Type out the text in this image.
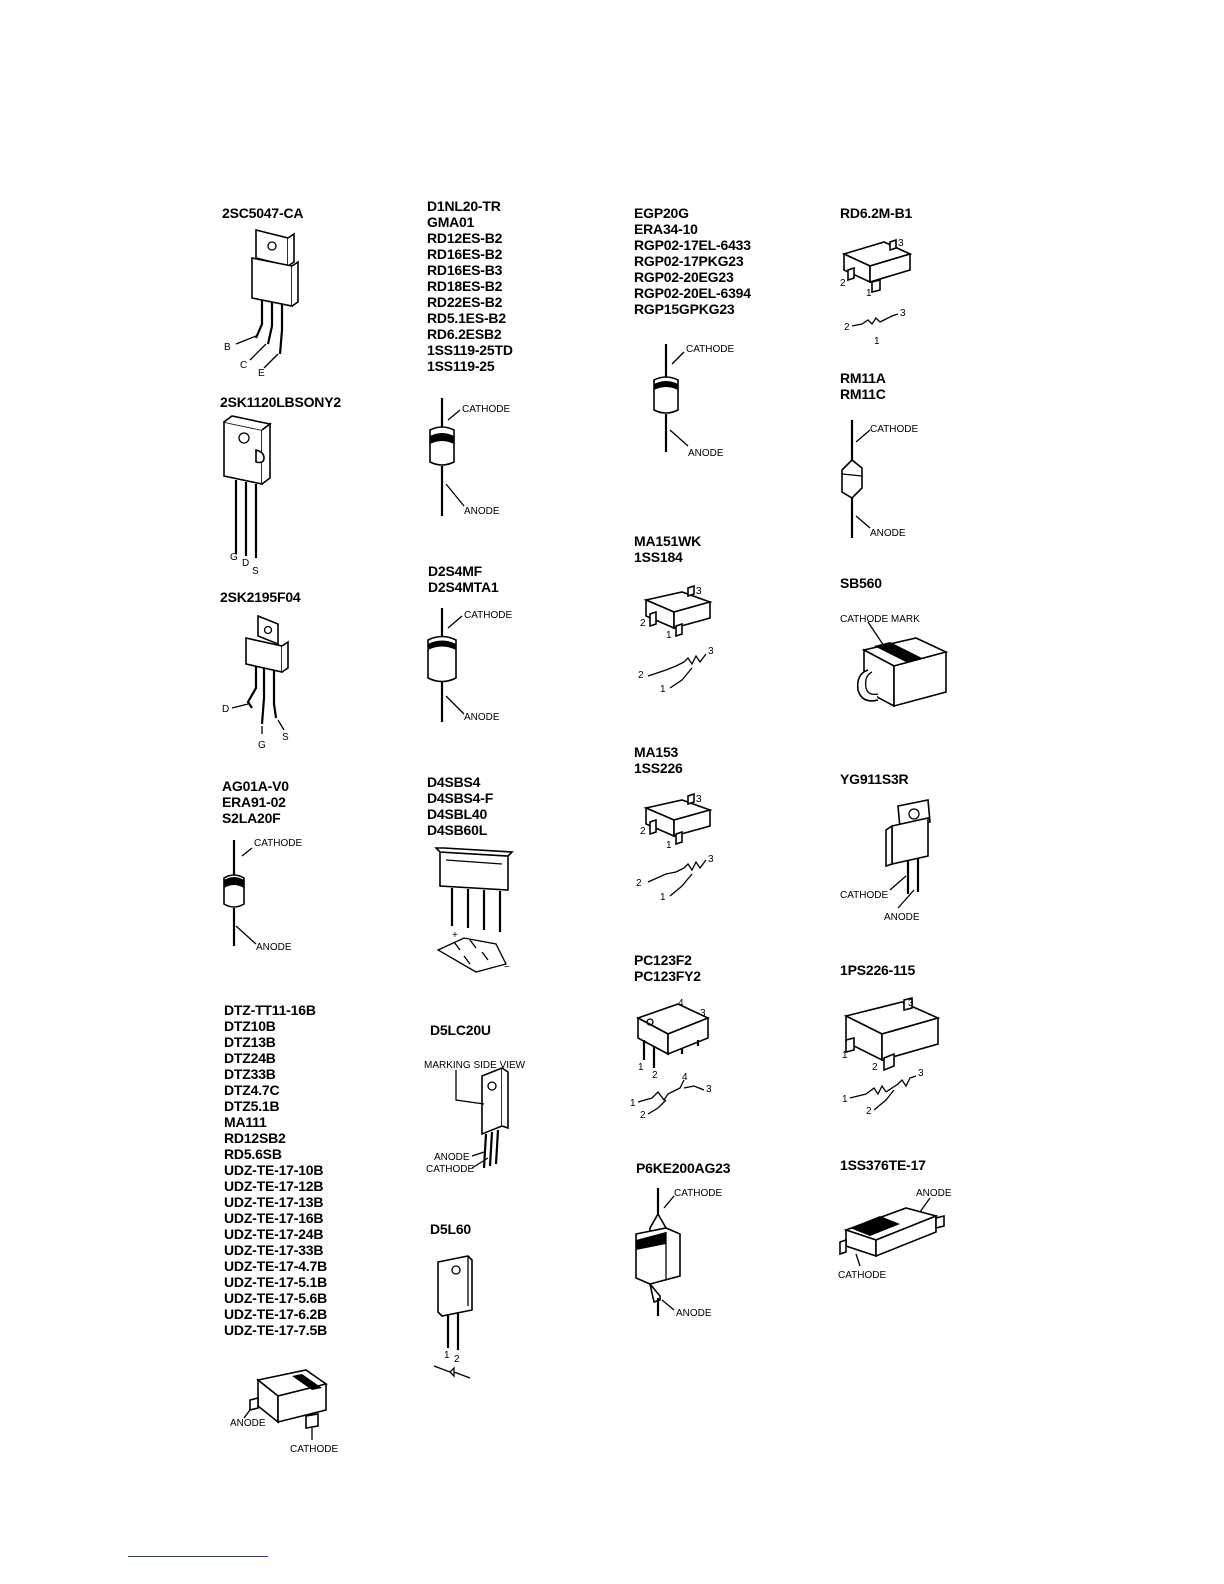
2SC5047-CA
B
C
E
2SK1120LBSONY2
G
D
S
2SK2195F04
D
G
S
AG01A-V0
ERA91-02
S2LA20F
CATHODE
ANODE
DTZ-TT11-16B
DTZ10B
DTZ13B
DTZ24B
DTZ33B
DTZ4.7C
DTZ5.1B
MA111
RD12SB2
RD5.6SB
UDZ-TE-17-10B
UDZ-TE-17-12B
UDZ-TE-17-13B
UDZ-TE-17-16B
UDZ-TE-17-24B
UDZ-TE-17-33B
UDZ-TE-17-4.7B
UDZ-TE-17-5.1B
UDZ-TE-17-5.6B
UDZ-TE-17-6.2B
UDZ-TE-17-7.5B
ANODE
CATHODE
D1NL20-TR
GMA01
RD12ES-B2
RD16ES-B2
RD16ES-B3
RD18ES-B2
RD22ES-B2
RD5.1ES-B2
RD6.2ESB2
1SS119-25TD
1SS119-25
CATHODE
ANODE
D2S4MF
D2S4MTA1
CATHODE
ANODE
D4SBS4
D4SBS4-F
D4SBL40
D4SB60L
+
−
D5LC20U
MARKING SIDE VIEW
ANODE
CATHODE
D5L60
1 2
EGP20G
ERA34-10
RGP02-17EL-6433
RGP02-17PKG23
RGP02-20EG23
RGP02-20EL-6394
RGP15GPKG23
CATHODE
ANODE
MA151WK
1SS184
3
2
1
2
1
3
MA153
1SS226
3
2
1
2
1
3
PC123F2
PC123FY2
4
3
1
2
1
2
4
3
P6KE200AG23
CATHODE
ANODE
RD6.2M-B1
3
2
1
2
3
1
RM11A
RM11C
CATHODE
ANODE
SB560
CATHODE MARK
YG911S3R
CATHODE
ANODE
1PS226-115
3
1
2
1
2
3
1SS376TE-17
ANODE
CATHODE
